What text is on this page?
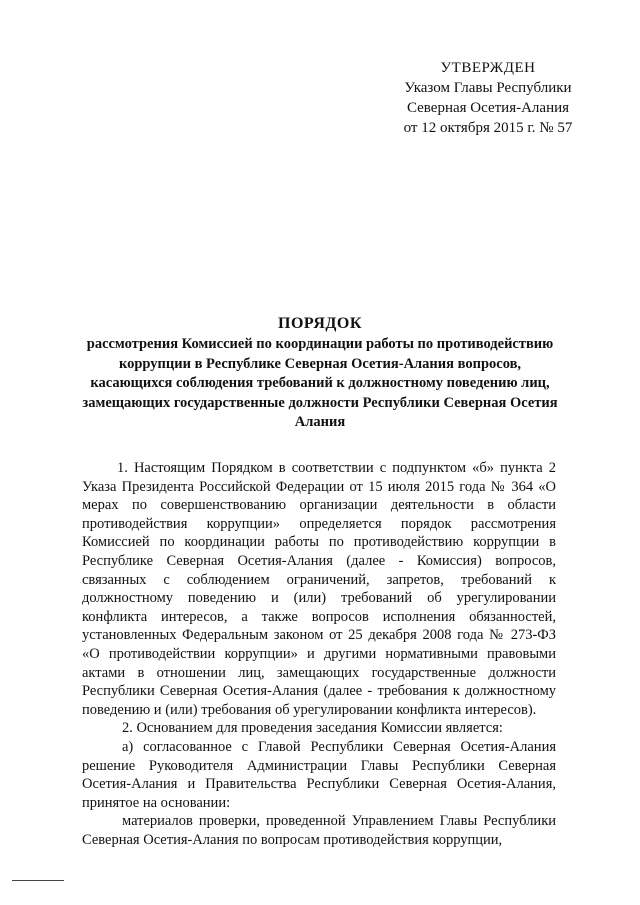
УТВЕРЖДЕН
Указом Главы Республики
Северная Осетия-Алания
от 12 октября 2015 г. № 57
ПОРЯДОК
рассмотрения Комиссией по координации работы по противодействию коррупции в Республике Северная Осетия-Алания вопросов, касающихся соблюдения требований к должностному поведению лиц, замещающих государственные должности Республики Северная Осетия Алания

1. Настоящим Порядком в соответствии с подпунктом «б» пункта 2 Указа Президента Российской Федерации от 15 июля 2015 года № 364 «О мерах по совершенствованию организации деятельности в области противодействия коррупции» определяется порядок рассмотрения Комиссией по координации работы по противодействию коррупции в Республике Северная Осетия-Алания (далее - Комиссия) вопросов, связанных с соблюдением ограничений, запретов, требований к должностному поведению и (или) требований об урегулировании конфликта интересов, а также вопросов исполнения обязанностей, установленных Федеральным законом от 25 декабря 2008 года № 273-ФЗ «О противодействии коррупции» и другими нормативными правовыми актами в отношении лиц, замещающих государственные должности Республики Северная Осетия-Алания (далее - требования к должностному поведению и (или) требования об урегулировании конфликта интересов).

2. Основанием для проведения заседания Комиссии является:

а) согласованное с Главой Республики Северная Осетия-Алания решение Руководителя Администрации Главы Республики Северная Осетия-Алания и Правительства Республики Северная Осетия-Алания, принятое на основании:

материалов проверки, проведенной Управлением Главы Республики Северная Осетия-Алания по вопросам противодействия коррупции,
